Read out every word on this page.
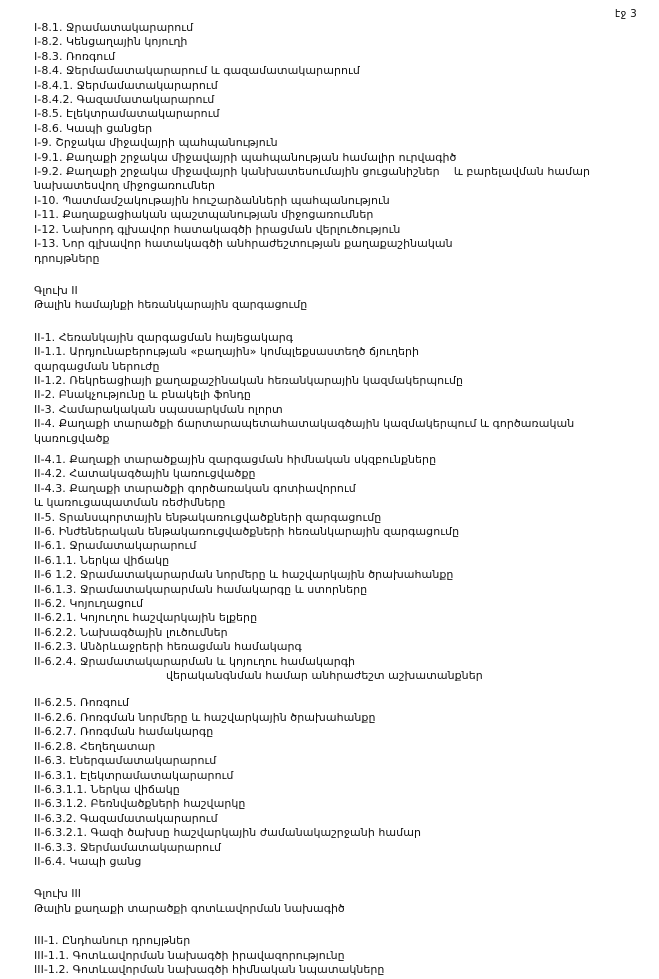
էջ 3
I-8.1. Ջրամատակարարում
I-8.2. Կենցաղային կոյուղի
I-8.3. Ռոռգում
I-8.4. Ջերմամատակարարում և գազամատակարարում
I-8.4.1. Ջերմամատակարարում
I-8.4.2. Գազամատակարարում
I-8.5. Էլեկտրամատակարարում
I-8.6. Կապի ցանցեր
I-9. Շրջակա միջավայրի պահպանություն
I-9.1. Քաղաքի շրջակա միջավայրի պահպանության համալիր ուրվագիծ
I-9.2. Քաղաքի շրջակա միջավայրի կանխատեսումային ցուցանիշներ    և բարելավման համար
նախատեսվող միջոցառումներ
I-10. Պատմամշակութային հուշարձանների պահպանություն
I-11. Քաղաքացիական պաշտպանության միջոցառումներ
I-12. Նախորդ գլխավոր հատակագծի իրացման վերլուծություն
I-13. Նոր գլխավոր հատակագծի անհրաժեշտության քաղաքաշինական
դրույթները
Գլուխ II
Թալին համայնքի հեռանկարային զարգացումը
II-1. Հեռանկային զարգացման հայեցակարգ
II-1.1. Արդյունաբերության «բաղային» կոմպլեքսաստեղծ ճյուղերի
զարգացման ներուժը
II-1.2. Ռեկրեացիայի քաղաքաշինական հեռանկարային կազմակերպումը
II-2. Բնակչությունը և բնակելի ֆոնդը
II-3. Համարակական սպասարկման ոլորտ
II-4. Քաղաքի տարածքի ճարտարապետահատակագծային կազմակերպում և գործառական կառուցվածք
II-4.1. Քաղաքի տարածքային զարգացման հիմնական սկզբունքները
II-4.2. Հատակագծային կառուցվածքը
II-4.3. Քաղաքի տարածքի գործառական գոտիավորում
և կառուցապատման ռեժիմները
II-5. Տրանսպորտային ենթակառուցվածքների զարգացումը
II-6. Ինժեներական ենթակառուցվածքների հեռանկարային զարգացումը
II-6.1. Ջրամատակարարում
II-6.1.1. Ներկա վիճակը
II-6 1.2. Ջրամատակարարման նորմերը և հաշվարկային ծրախահանքը
II-6.1.3. Ջրամատակարարման համակարգը և ստորները
II-6.2. Կոյուղացում
II-6.2.1. Կոյուղու հաշվարկային ելքերը
II-6.2.2. Նախագծային լուծումներ
II-6.2.3. Անձրևաջրերի հեռացման համակարգ
II-6.2.4. Ջրամատակարարման և կոյուղու համակարգի
վերականգնման համար անհրաժեշտ աշխատանքներ
II-6.2.5. Ռոռգում
II-6.2.6. Ռոռգման նորմերը և հաշվարկային ծրախահանքը
II-6.2.7. Ռոռգման համակարգը
II-6.2.8. Հեղեղատար
II-6.3. Էներգամատակարարում
II-6.3.1. Էլեկտրամատակարարում
II-6.3.1.1. Ներկա վիճակը
II-6.3.1.2. Բեռնվածքների հաշվարկը
II-6.3.2. Գազամատակարարում
II-6.3.2.1. Գազի ծախսը հաշվարկային ժամանակաշրջանի համար
II-6.3.3. Ջերմամատակարարում
II-6.4. Կապի ցանց
Գլուխ III
Թալին քաղաքի տարածքի գոտևավորման նախագիծ
III-1. Ընդհանուր դրույթներ
III-1.1. Գոտևավորման նախագծի իրավազորությունը
III-1.2. Գոտևավորման նախագծի հիմնական նպատակները
